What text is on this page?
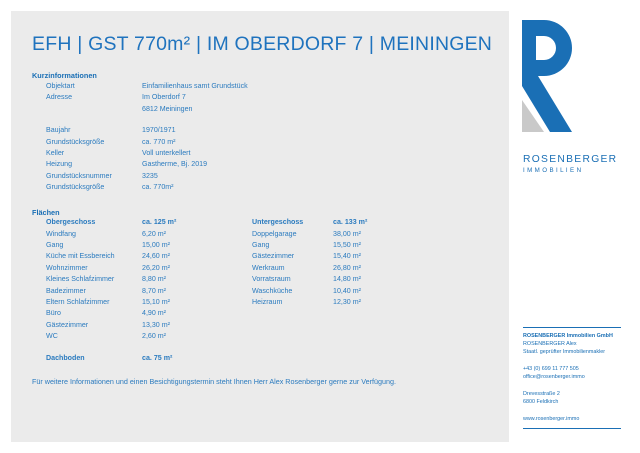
EFH | GST 770m² | IM OBERDORF 7 | MEININGEN
Kurzinformationen
Objektart	Einfamilienhaus samt Grundstück
Adresse	Im Oberdorf 7
6812 Meiningen
Baujahr	1970/1971
Grundstücksgröße	ca. 770 m²
Keller	Voll unterkellert
Heizung	Gastherme, Bj. 2019
Grundstücksnummer	3235
Grundstücksgröße	ca. 770m²
Flächen
Obergeschoss	ca. 125 m²
Windfang	6,20 m²
Gang	15,00 m²
Küche mit Essbereich	24,60 m²
Wohnzimmer	26,20 m²
Kleines Schlafzimmer	8,80 m²
Badezimmer	8,70 m²
Eltern Schlafzimmer	15,10 m²
Büro	4,90 m²
Gästezimmer	13,30 m²
WC	2,60 m²
Untergeschoss	ca. 133 m²
Doppelgarage	38,00 m²
Gang	15,50 m²
Gästezimmer	15,40 m²
Werkraum	26,80 m²
Vorratsraum	14,80 m²
Waschküche	10,40 m²
Heizraum	12,30 m²
Dachboden	ca. 75 m²
Für weitere Informationen und einen Besichtigungstermin steht Ihnen Herr Alex Rosenberger gerne zur Verfügung.
ROSENBERGER
IMMOBILIEN
ROSENBERGER Immobilien GmbH
ROSENBERGER Alex
Staatl. geprüfter Immobilienmakler
+43 (0) 699 11 777 505
office@rosenberger.immo
Drevesstraße 2
6800 Feldkirch
www.rosenberger.immo
